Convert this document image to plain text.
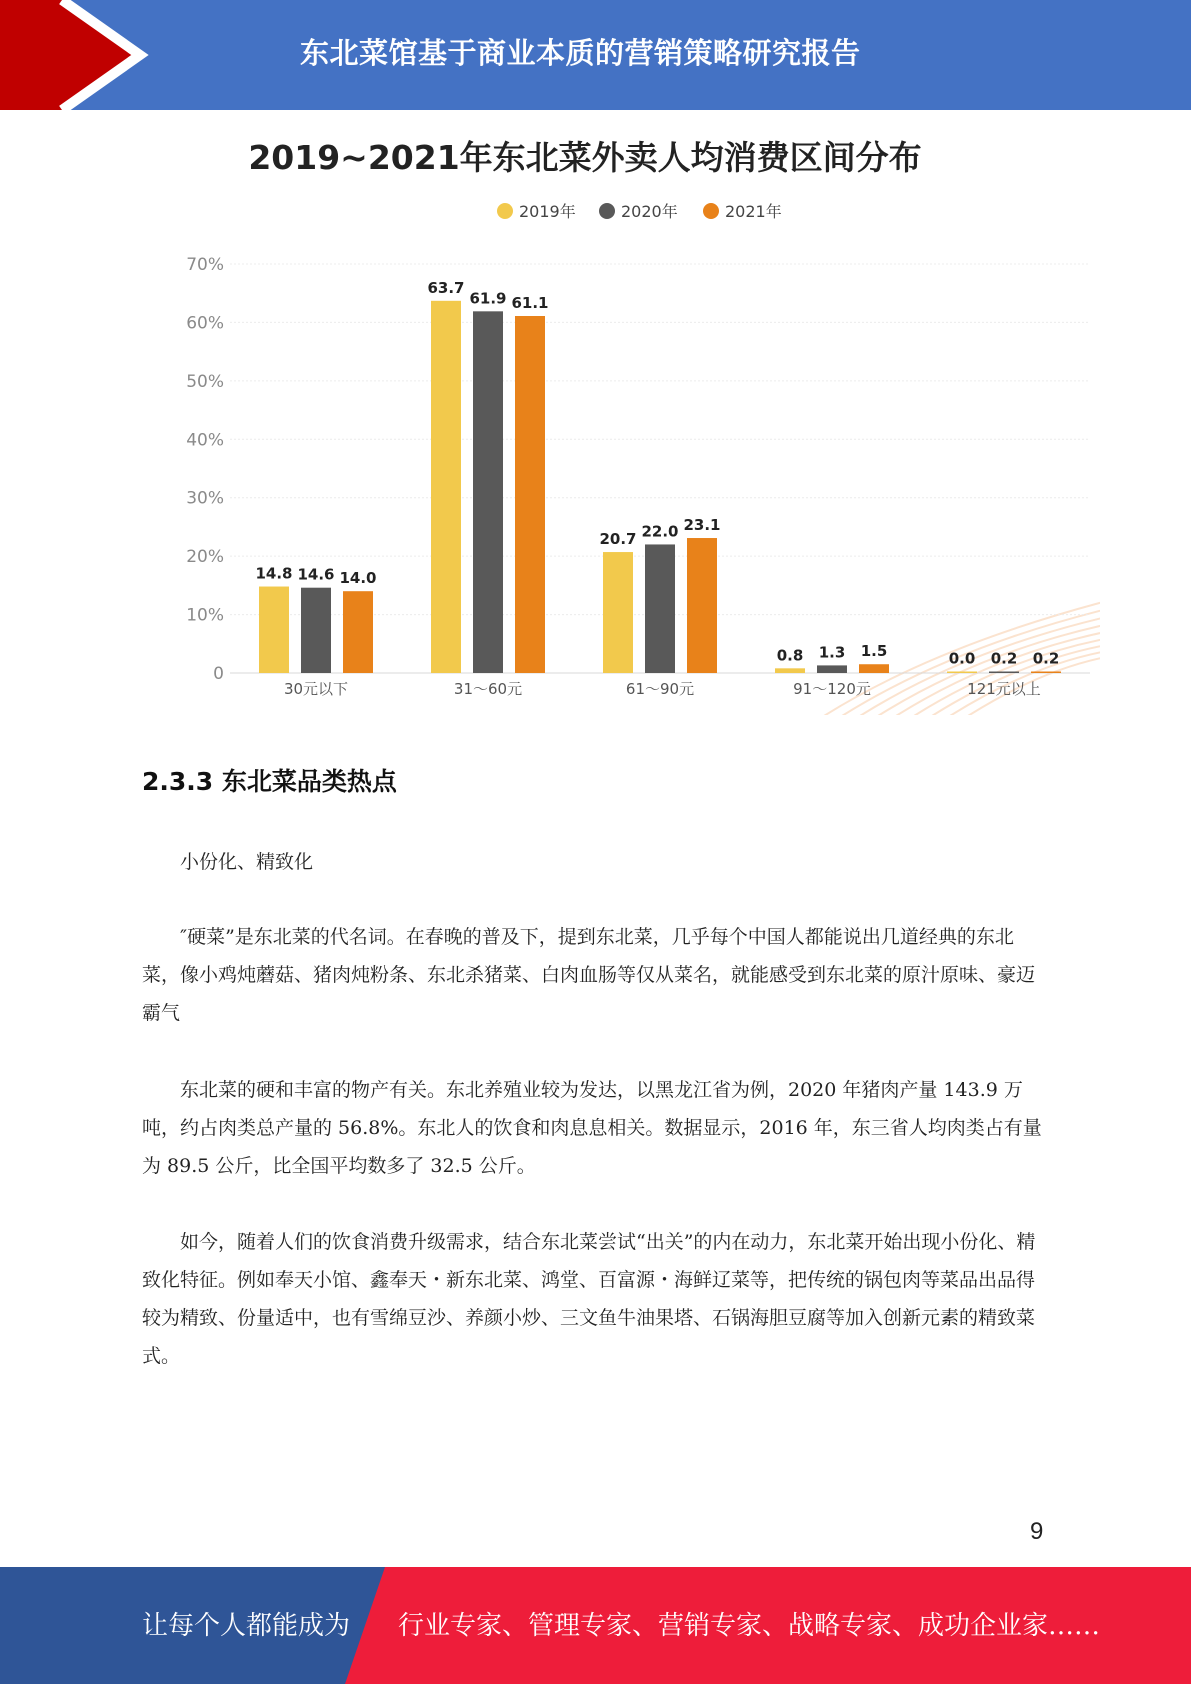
东北菜馆基于商业本质的营销策略研究报告
2019~2021年东北菜外卖人均消费区间分布
2019年	2020年	2021年
0
10%
20%
30%
40%
50%
60%
70%
14.8 14.6 14.0
63.7
61.9 61.1
20.7 22.0 23.1
0.8 1.3 1.5	0.0 0.2 0.2
30元以下	31～60元	61～90元	91～120元	121元以上
2.3.3 东北菜品类热点

小份化、精致化

″硬菜”是东北菜的代名词。在春晚的普及下，提到东北菜，几乎每个中国人都能说出几道经典的东北菜，像小鸡炖蘑菇、猪肉炖粉条、东北杀猪菜、白肉血肠等仅从菜名，就能感受到东北菜的原汁原味、豪迈霸气

东北菜的硬和丰富的物产有关。东北养殖业较为发达，以黑龙江省为例，2020 年猪肉产量 143.9 万吨，约占肉类总产量的 56.8%。东北人的饮食和肉息息相关。数据显示，2016 年，东三省人均肉类占有量为 89.5 公斤，比全国平均数多了 32.5 公斤。

如今，随着人们的饮食消费升级需求，结合东北菜尝试“出关”的内在动力，东北菜开始出现小份化、精致化特征。例如奉天小馆、鑫奉天・新东北菜、鸿堂、百富源・海鲜辽菜等，把传统的锅包肉等菜品出品得较为精致、份量适中，也有雪绵豆沙、养颜小炒、三文鱼牛油果塔、石锅海胆豆腐等加入创新元素的精致菜式。

9
让每个人都能成为 行业专家、管理专家、营销专家、战略专家、成功企业家……
